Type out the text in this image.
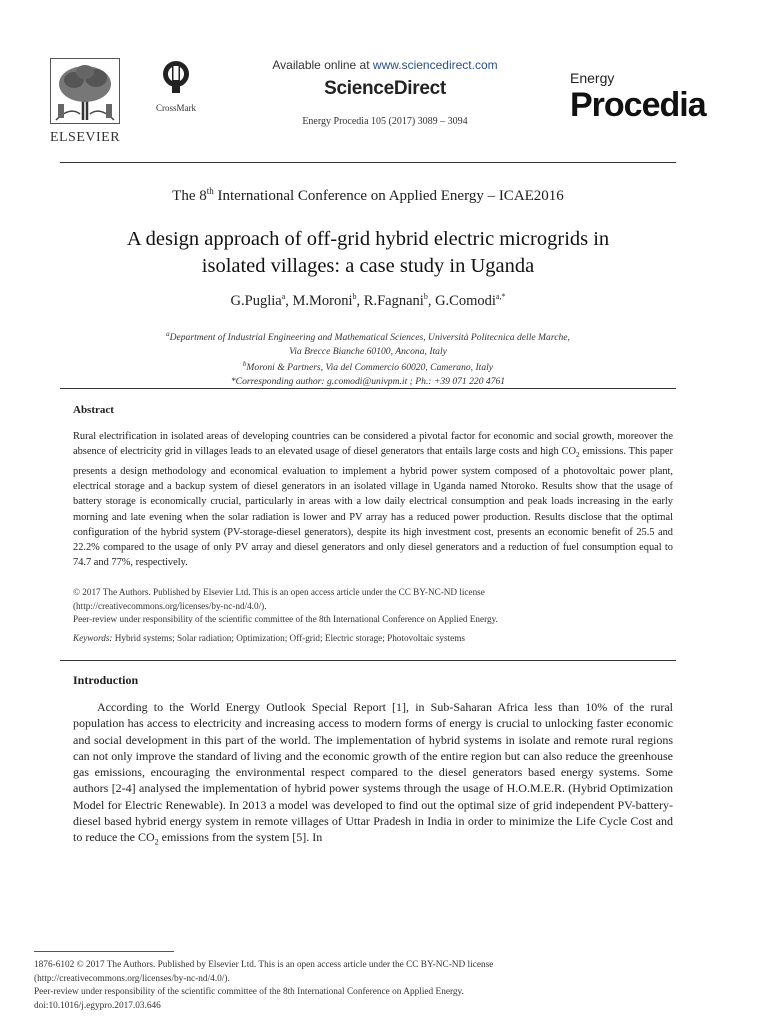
ELSEVIER
CrossMark
Available online at www.sciencedirect.com
ScienceDirect
Energy Procedia 105 (2017) 3089 – 3094
Energy
Procedia
The 8th International Conference on Applied Energy – ICAE2016
A design approach of off-grid hybrid electric microgrids in
isolated villages: a case study in Uganda
G.Puglia$^a$, M.Moroni$^b$, R.Fagnani$^b$, G.Comodi$^{a,*}$
$^a$Department of Industrial Engineering and Mathematical Sciences, Università Politecnica delle Marche,
Via Brecce Bianche 60100, Ancona, Italy
$^b$Moroni & Partners, Via del Commercio 60020, Camerano, Italy
*Corresponding author: g.comodi@univpm.it ; Ph.: +39 071 220 4761
Abstract
Rural electrification in isolated areas of developing countries can be considered a pivotal factor for economic and social growth, moreover the absence of electricity grid in villages leads to an elevated usage of diesel generators that entails large costs and high $CO_2$ emissions. This paper presents a design methodology and economical evaluation to implement a hybrid power system composed of a photovoltaic power plant, electrical storage and a backup system of diesel generators in an isolated village in Uganda named Ntoroko. Results show that the usage of battery storage is economically crucial, particularly in areas with a low daily electrical consumption and peak loads increasing in the early morning and late evening when the solar radiation is lower and PV array has a reduced power production. Results disclose that the optimal configuration of the hybrid system (PV-storage-diesel generators), despite its high investment cost, presents an economic benefit of 25.5 and 22.2% compared to the usage of only PV array and diesel generators and only diesel generators and a reduction of fuel consumption equal to 74.7 and 77%, respectively.
© 2017 The Authors. Published by Elsevier Ltd. This is an open access article under the CC BY-NC-ND license
(http://creativecommons.org/licenses/by-nc-nd/4.0/).
Peer-review under responsibility of the scientific committee of the 8th International Conference on Applied Energy.
Keywords: Hybrid systems; Solar radiation; Optimization; Off-grid; Electric storage; Photovoltaic systems
Introduction
According to the World Energy Outlook Special Report [1], in Sub-Saharan Africa less than 10% of the rural population has access to electricity and increasing access to modern forms of energy is crucial to unlocking faster economic and social development in this part of the world. The implementation of hybrid systems in isolate and remote rural regions can not only improve the standard of living and the economic growth of the entire region but can also reduce the greenhouse gas emissions, encouraging the environmental respect compared to the diesel generators based energy systems. Some authors [2-4] analysed the implementation of hybrid power systems through the usage of H.O.M.E.R. (Hybrid Optimization Model for Electric Renewable). In 2013 a model was developed to find out the optimal size of grid independent PV-battery-diesel based hybrid energy system in remote villages of Uttar Pradesh in India in order to minimize the Life Cycle Cost and to reduce the $CO_2$ emissions from the system [5]. In
1876-6102 © 2017 The Authors. Published by Elsevier Ltd. This is an open access article under the CC BY-NC-ND license
(http://creativecommons.org/licenses/by-nc-nd/4.0/).
Peer-review under responsibility of the scientific committee of the 8th International Conference on Applied Energy.
doi:10.1016/j.egypro.2017.03.646
